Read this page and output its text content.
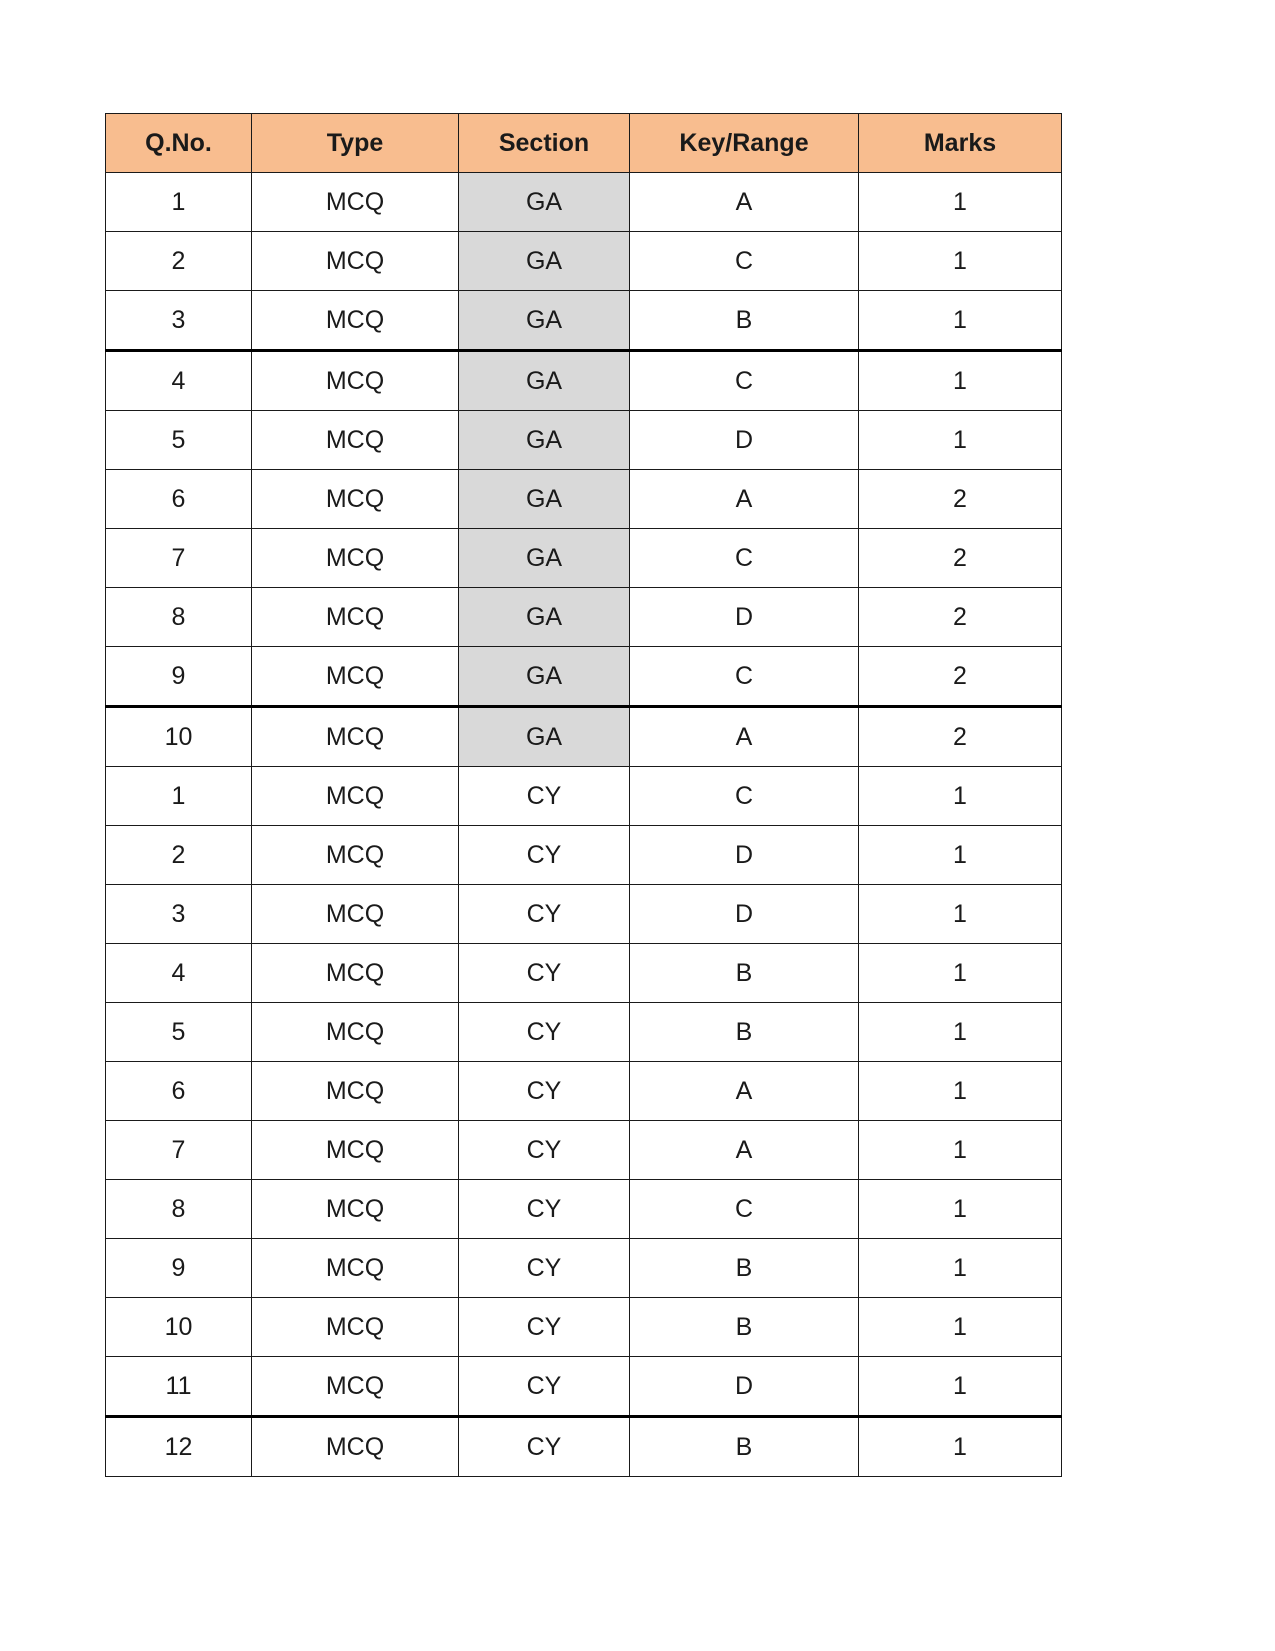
Q.No.	Type	Section	Key/Range	Marks
1	MCQ	GA	A	1
2	MCQ	GA	C	1
3	MCQ	GA	B	1
4	MCQ	GA	C	1
5	MCQ	GA	D	1
6	MCQ	GA	A	2
7	MCQ	GA	C	2
8	MCQ	GA	D	2
9	MCQ	GA	C	2
10	MCQ	GA	A	2
1	MCQ	CY	C	1
2	MCQ	CY	D	1
3	MCQ	CY	D	1
4	MCQ	CY	B	1
5	MCQ	CY	B	1
6	MCQ	CY	A	1
7	MCQ	CY	A	1
8	MCQ	CY	C	1
9	MCQ	CY	B	1
10	MCQ	CY	B	1
11	MCQ	CY	D	1
12	MCQ	CY	B	1
